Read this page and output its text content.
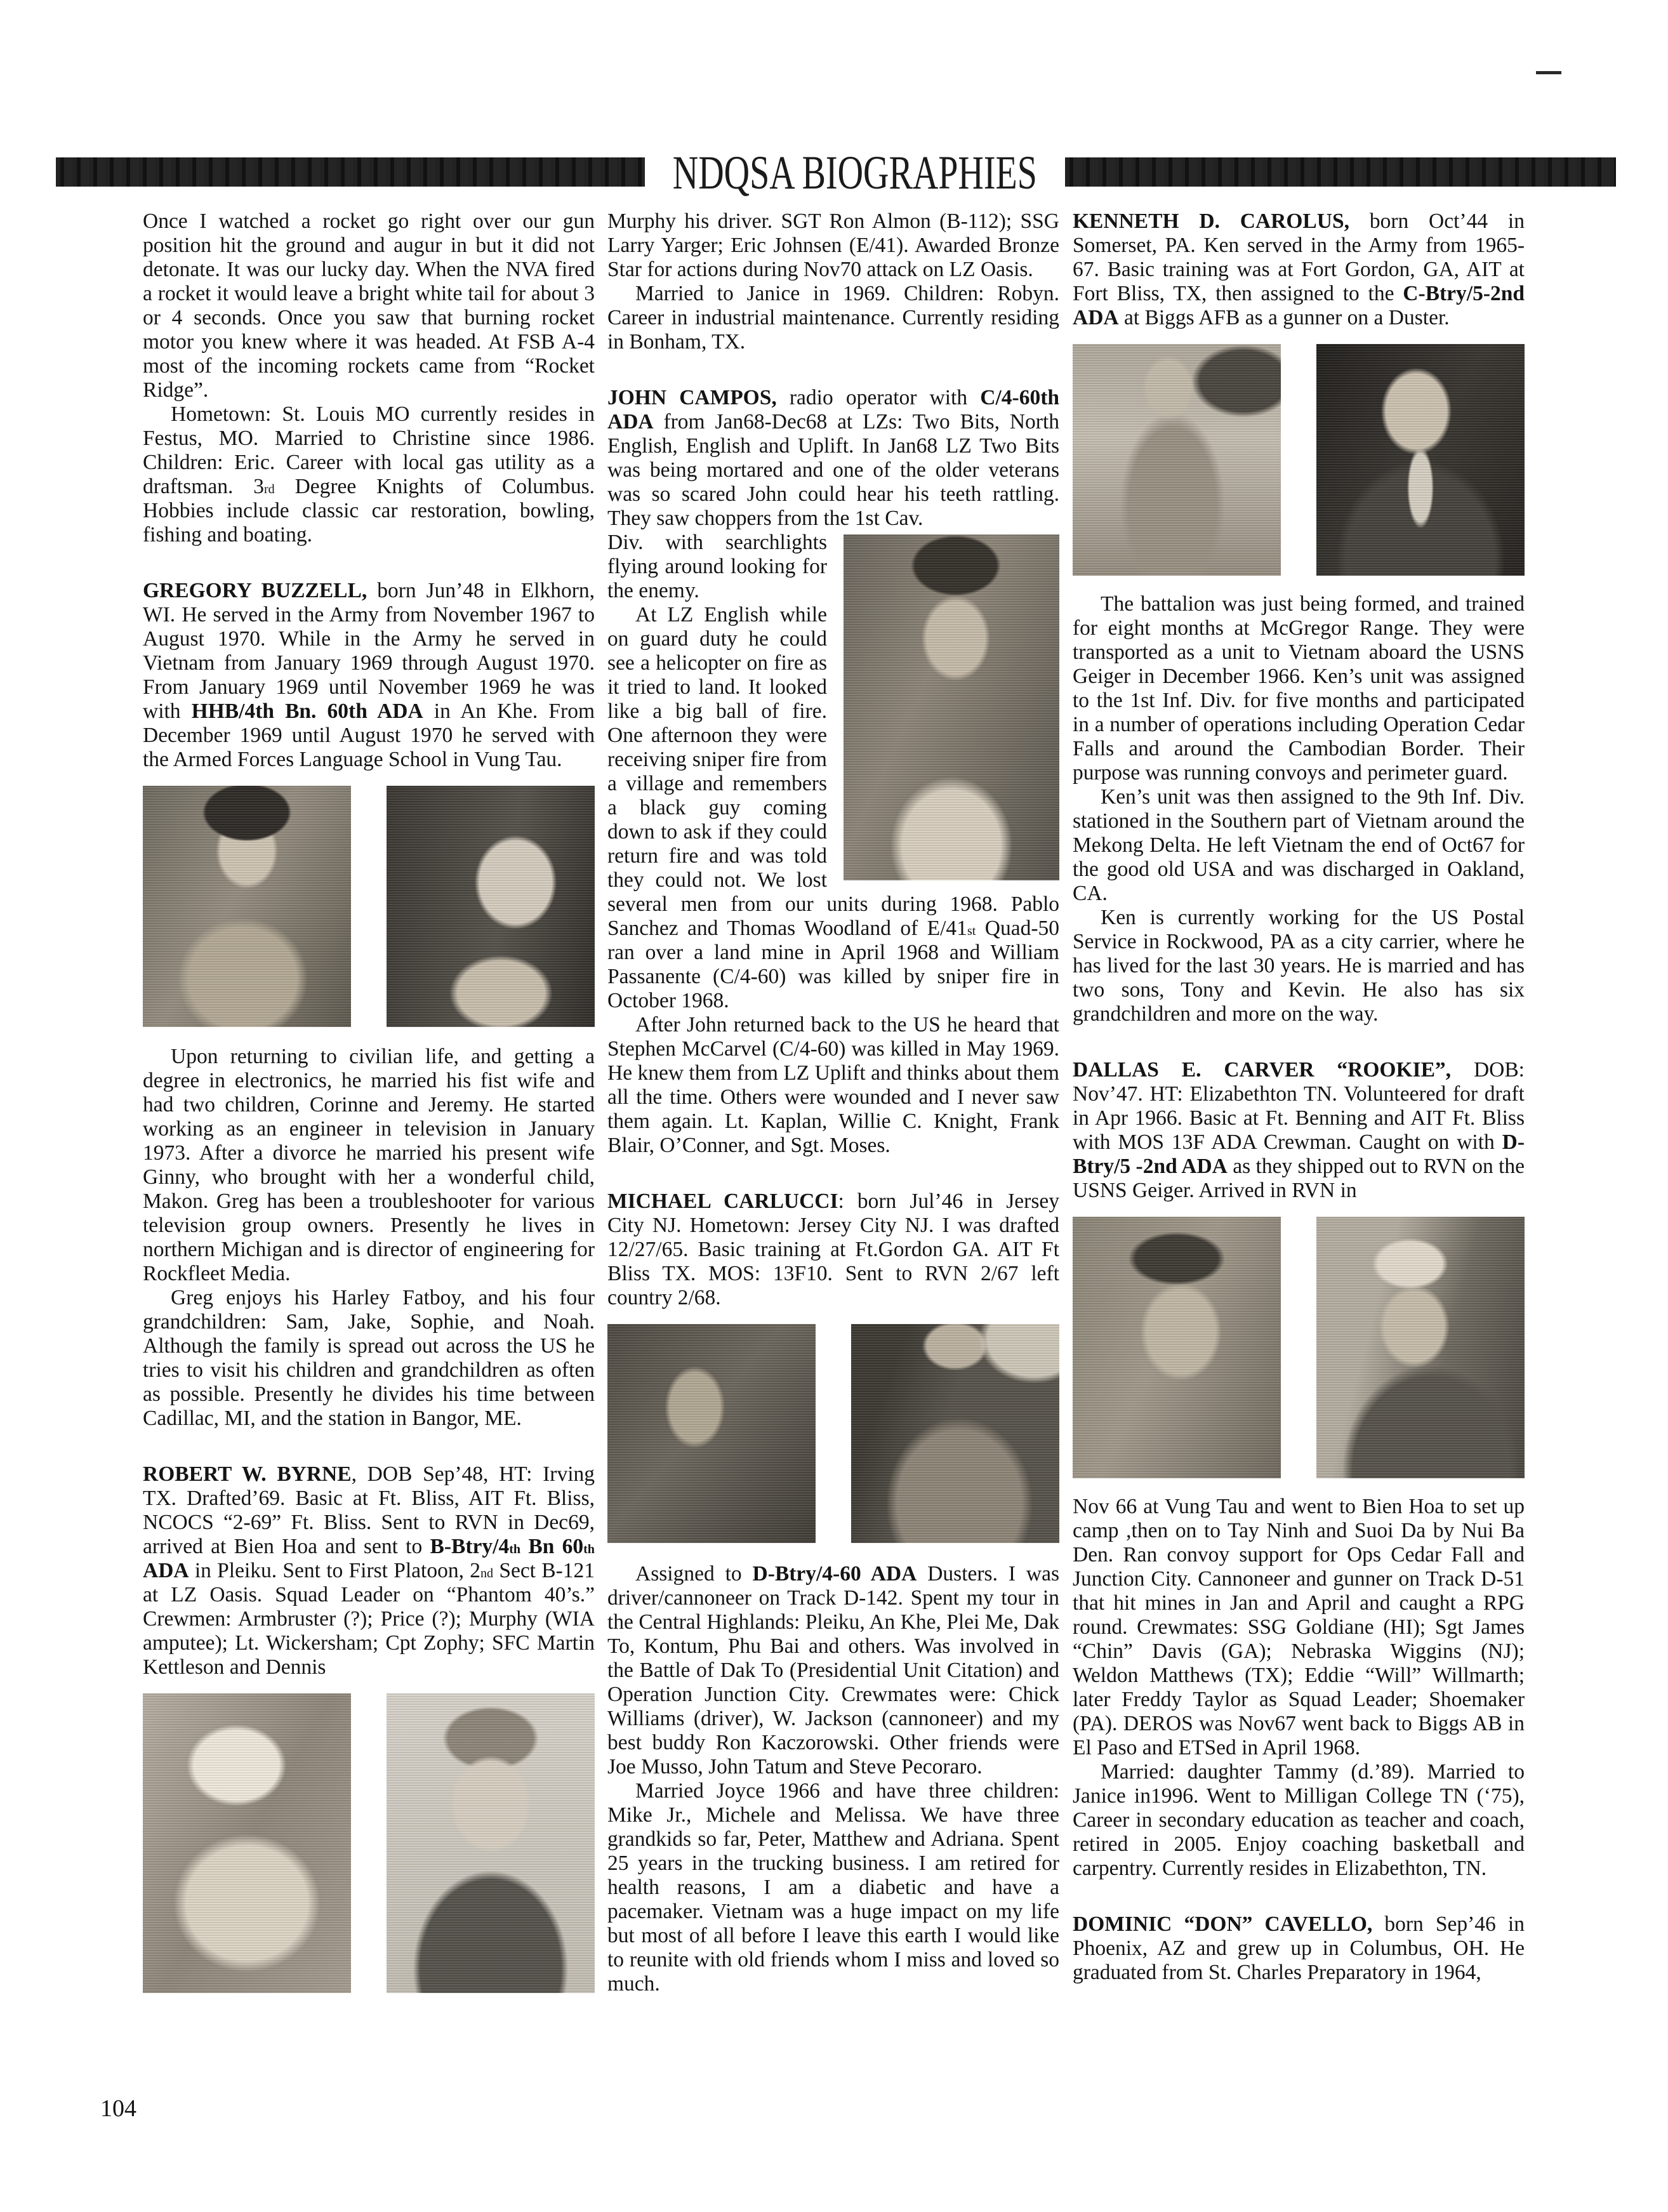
NDQSA BIOGRAPHIES

Once I watched a rocket go right over our gun position hit the ground and augur in but it did not detonate. It was our lucky day. When the NVA fired a rocket it would leave a bright white tail for about 3 or 4 seconds. Once you saw that burning rocket motor you knew where it was headed. At FSB A-4 most of the incoming rockets came from “Rocket Ridge”.

Hometown: St. Louis MO currently resides in Festus, MO. Married to Christine since 1986. Children: Eric. Career with local gas utility as a draftsman. 3rd Degree Knights of Columbus. Hobbies include classic car restoration, bowling, fishing and boating.

GREGORY BUZZELL, born Jun’48 in Elkhorn, WI. He served in the Army from November 1967 to August 1970. While in the Army he served in Vietnam from January 1969 through August 1970. From January 1969 until November 1969 he was with HHB/4th Bn. 60th ADA in An Khe. From December 1969 until August 1970 he served with the Armed Forces Language School in Vung Tau.

Upon returning to civilian life, and getting a degree in electronics, he married his fist wife and had two children, Corinne and Jeremy. He started working as an engineer in television in January 1973. After a divorce he married his present wife Ginny, who brought with her a wonderful child, Makon. Greg has been a troubleshooter for various television group owners. Presently he lives in northern Michigan and is director of engineering for Rockfleet Media.

Greg enjoys his Harley Fatboy, and his four grandchildren: Sam, Jake, Sophie, and Noah. Although the family is spread out across the US he tries to visit his children and grandchildren as often as possible. Presently he divides his time between Cadillac, MI, and the station in Bangor, ME.

ROBERT W. BYRNE, DOB Sep’48, HT: Irving TX. Drafted’69. Basic at Ft. Bliss, AIT Ft. Bliss, NCOCS “2-69” Ft. Bliss. Sent to RVN in Dec69, arrived at Bien Hoa and sent to B-Btry/4th Bn 60th ADA in Pleiku. Sent to First Platoon, 2nd Sect B-121 at LZ Oasis. Squad Leader on “Phantom 40’s.” Crewmen: Armbruster (?); Price (?); Murphy (WIA amputee); Lt. Wickersham; Cpt Zophy; SFC Martin Kettleson and Dennis

Murphy his driver. SGT Ron Almon (B-112); SSG Larry Yarger; Eric Johnsen (E/41). Awarded Bronze Star for actions during Nov70 attack on LZ Oasis.

Married to Janice in 1969. Children: Robyn. Career in industrial maintenance. Currently residing in Bonham, TX.

JOHN CAMPOS, radio operator with C/4-60th ADA from Jan68-Dec68 at LZs: Two Bits, North English, English and Uplift. In Jan68 LZ Two Bits was being mortared and one of the older veterans was so scared John could hear his teeth rattling. They saw choppers from the 1st Cav.

Div. with searchlights flying around looking for the enemy.

At LZ English while on guard duty he could see a helicopter on fire as it tried to land. It looked like a big ball of fire. One afternoon they were receiving sniper fire from a village and remembers a black guy coming down to ask if they could return fire and was told they could not. We lost several men from our units during 1968. Pablo Sanchez and Thomas Woodland of E/41st Quad-50 ran over a land mine in April 1968 and William Passanente (C/4-60) was killed by sniper fire in October 1968.

After John returned back to the US he heard that Stephen McCarvel (C/4-60) was killed in May 1969. He knew them from LZ Uplift and thinks about them all the time. Others were wounded and I never saw them again. Lt. Kaplan, Willie C. Knight, Frank Blair, O’Conner, and Sgt. Moses.

MICHAEL CARLUCCI: born Jul’46 in Jersey City NJ. Hometown: Jersey City NJ. I was drafted 12/27/65. Basic training at Ft.Gordon GA. AIT Ft Bliss TX. MOS: 13F10. Sent to RVN 2/67 left country 2/68.

Assigned to D-Btry/4-60 ADA Dusters. I was driver/cannoneer on Track D-142. Spent my tour in the Central Highlands: Pleiku, An Khe, Plei Me, Dak To, Kontum, Phu Bai and others. Was involved in the Battle of Dak To (Presidential Unit Citation) and Operation Junction City. Crewmates were: Chick Williams (driver), W. Jackson (cannoneer) and my best buddy Ron Kaczorowski. Other friends were Joe Musso, John Tatum and Steve Pecoraro.

Married Joyce 1966 and have three children: Mike Jr., Michele and Melissa. We have three grandkids so far, Peter, Matthew and Adriana. Spent 25 years in the trucking business. I am retired for health reasons, I am a diabetic and have a pacemaker. Vietnam was a huge impact on my life but most of all before I leave this earth I would like to reunite with old friends whom I miss and loved so much.

KENNETH D. CAROLUS, born Oct’44 in Somerset, PA. Ken served in the Army from 1965-67. Basic training was at Fort Gordon, GA, AIT at Fort Bliss, TX, then assigned to the C-Btry/5-2nd ADA at Biggs AFB as a gunner on a Duster.

The battalion was just being formed, and trained for eight months at McGregor Range. They were transported as a unit to Vietnam aboard the USNS Geiger in December 1966. Ken’s unit was assigned to the 1st Inf. Div. for five months and participated in a number of operations including Operation Cedar Falls and around the Cambodian Border. Their purpose was running convoys and perimeter guard.

Ken’s unit was then assigned to the 9th Inf. Div. stationed in the Southern part of Vietnam around the Mekong Delta. He left Vietnam the end of Oct67 for the good old USA and was discharged in Oakland, CA.

Ken is currently working for the US Postal Service in Rockwood, PA as a city carrier, where he has lived for the last 30 years. He is married and has two sons, Tony and Kevin. He also has six grandchildren and more on the way.

DALLAS E. CARVER “ROOKIE”, DOB: Nov’47. HT: Elizabethton TN. Volunteered for draft in Apr 1966. Basic at Ft. Benning and AIT Ft. Bliss with MOS 13F ADA Crewman. Caught on with D-Btry/5 -2nd ADA as they shipped out to RVN on the USNS Geiger. Arrived in RVN in

Nov 66 at Vung Tau and went to Bien Hoa to set up camp ,then on to Tay Ninh and Suoi Da by Nui Ba Den. Ran convoy support for Ops Cedar Fall and Junction City. Cannoneer and gunner on Track D-51 that hit mines in Jan and April and caught a RPG round. Crewmates: SSG Goldiane (HI); Sgt James “Chin” Davis (GA); Nebraska Wiggins (NJ); Weldon Matthews (TX); Eddie “Will” Willmarth; later Freddy Taylor as Squad Leader; Shoemaker (PA). DEROS was Nov67 went back to Biggs AB in El Paso and ETSed in April 1968.

Married: daughter Tammy (d.’89). Married to Janice in1996. Went to Milligan College TN (‘75), Career in secondary education as teacher and coach, retired in 2005. Enjoy coaching basketball and carpentry. Currently resides in Elizabethton, TN.

DOMINIC “DON” CAVELLO, born Sep’46 in Phoenix, AZ and grew up in Columbus, OH. He graduated from St. Charles Preparatory in 1964,

104
